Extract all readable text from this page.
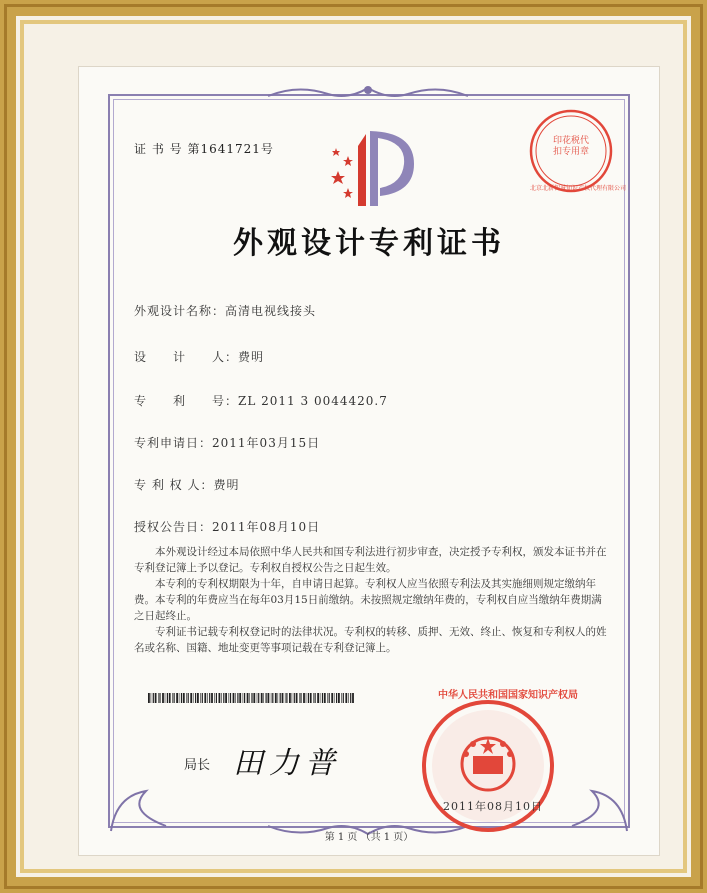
证 书 号 第1641721号
印花税代扣专用章
北京北新智诚知识产权代理有限公司
外观设计专利证书
外观设计名称：高清电视线接头
设　　计　　人：费明
专　　利　　号：ZL 2011 3 0044420.7
专利申请日：2011年03月15日
专 利 权 人：费明
授权公告日：2011年08月10日

本外观设计经过本局依照中华人民共和国专利法进行初步审查，决定授予专利权，颁发本证书并在专利登记簿上予以登记。专利权自授权公告之日起生效。

本专利的专利权期限为十年，自申请日起算。专利权人应当依照专利法及其实施细则规定缴纳年费。本专利的年费应当在每年03月15日前缴纳。未按照规定缴纳年费的，专利权自应当缴纳年费期满之日起终止。

专利证书记载专利权登记时的法律状况。专利权的转移、质押、无效、终止、恢复和专利权人的姓名或名称、国籍、地址变更等事项记载在专利登记簿上。

中华人民共和国国家知识产权局
局长 田力普
2011年08月10日
第 1 页 （共 1 页）
